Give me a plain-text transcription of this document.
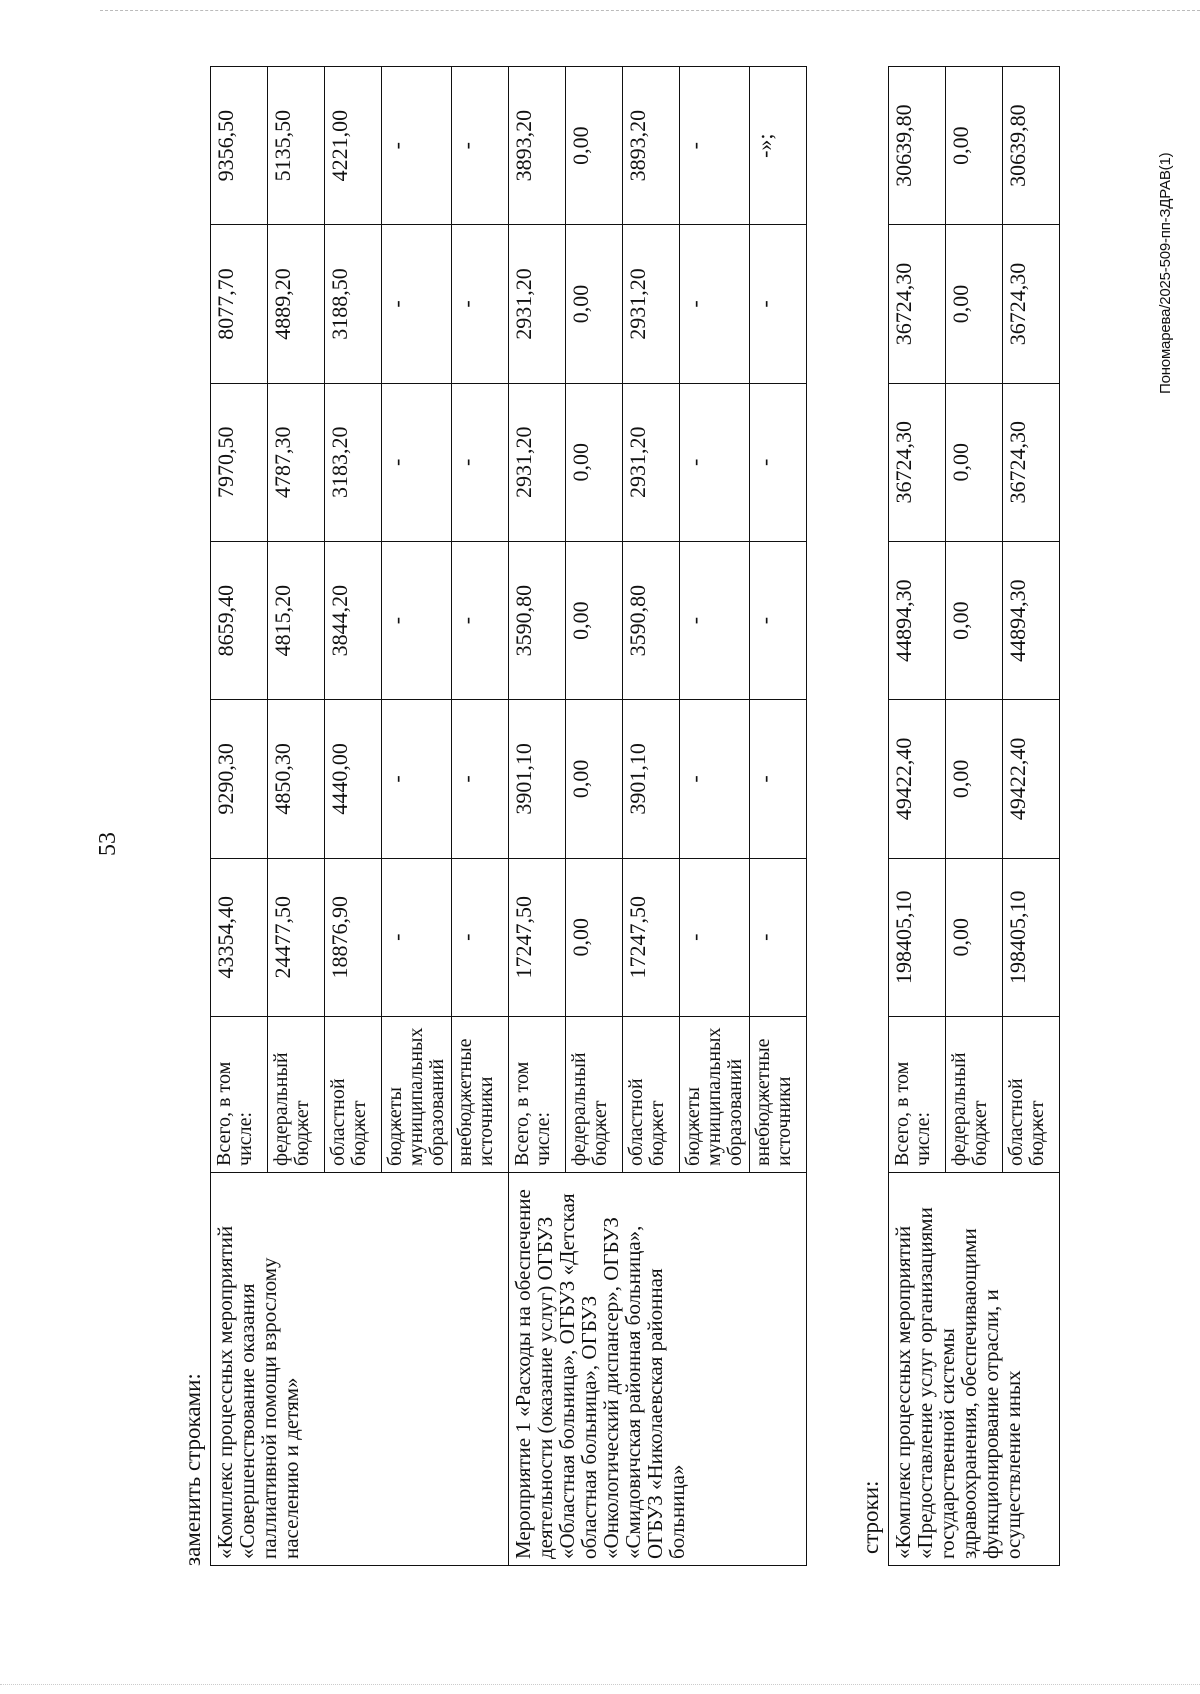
53
заменить строками: «Комплекс процессных мероприятий «Совершенствование оказания паллиативной помощи взрослому населению и детям»	Всего, в том числе:	43354,40	9290,30	8659,40	7970,50	8077,70	9356,50
	федеральный бюджет	24477,50	4850,30	4815,20	4787,30	4889,20	5135,50
	областной бюджет	18876,90	4440,00	3844,20	3183,20	3188,50	4221,00
	бюджеты муниципальных образований	-	-	-	-	-	-
	внебюджетные источники	-	-	-	-	-	-
Мероприятие 1 «Расходы на обеспечение деятельности (оказание услуг) ОГБУЗ «Областная больница», ОГБУЗ «Детская областная больница», ОГБУЗ «Онкологический диспансер», ОГБУЗ «Смидовичская районная больница», ОГБУЗ «Николаевская районная больница»	Всего, в том числе:	17247,50	3901,10	3590,80	2931,20	2931,20	3893,20
	федеральный бюджет	0,00	0,00	0,00	0,00	0,00	0,00
	областной бюджет	17247,50	3901,10	3590,80	2931,20	2931,20	3893,20
	бюджеты муниципальных образований	-	-	-	-	-	-
	внебюджетные источники	-	-	-	-	-	-»;
строки: «Комплекс процессных мероприятий «Предоставление услуг организациями государственной системы здравоохранения, обеспечивающими функционирование отрасли, и осуществление иных	Всего, в том числе:	198405,10	49422,40	44894,30	36724,30	36724,30	30639,80
	федеральный бюджет	0,00	0,00	0,00	0,00	0,00	0,00
	областной бюджет	198405,10	49422,40	44894,30	36724,30	36724,30	30639,80
Пономарева/2025-509-пп-ЗДРАВ(1)
